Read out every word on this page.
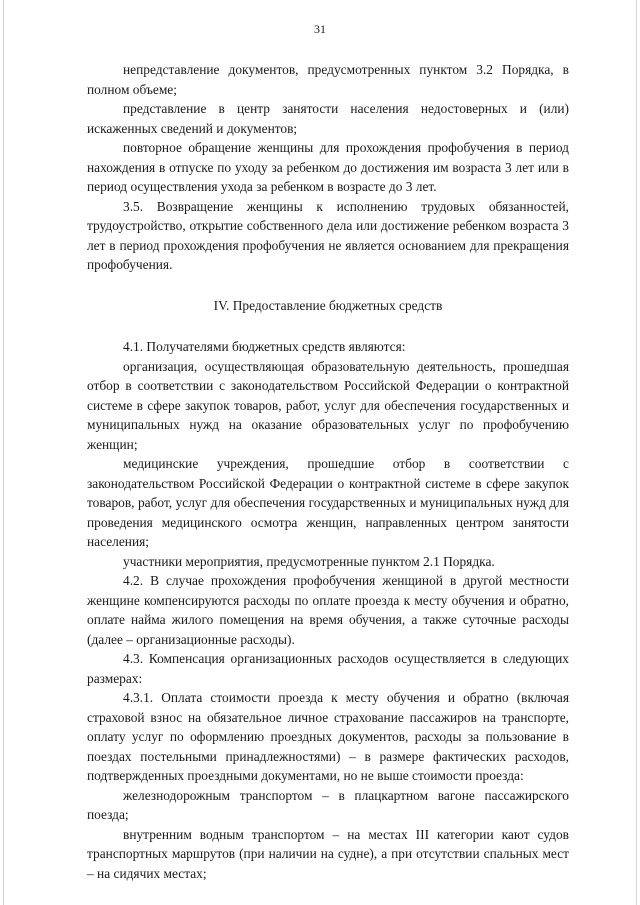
31

непредставление документов, предусмотренных пунктом 3.2 Порядка, в полном объеме;

представление в центр занятости населения недостоверных и (или) искаженных сведений и документов;

повторное обращение женщины для прохождения профобучения в период нахождения в отпуске по уходу за ребенком до достижения им возраста 3 лет или в период осуществления ухода за ребенком в возрасте до 3 лет.

3.5. Возвращение женщины к исполнению трудовых обязанностей, трудоустройство, открытие собственного дела или достижение ребенком возраста 3 лет в период прохождения профобучения не является основанием для прекращения профобучения.

IV. Предоставление бюджетных средств

4.1. Получателями бюджетных средств являются:

организация, осуществляющая образовательную деятельность, прошедшая отбор в соответствии с законодательством Российской Федерации о контрактной системе в сфере закупок товаров, работ, услуг для обеспечения государственных и муниципальных нужд на оказание образовательных услуг по профобучению женщин;

медицинские учреждения, прошедшие отбор в соответствии с законодательством Российской Федерации о контрактной системе в сфере закупок товаров, работ, услуг для обеспечения государственных и муниципальных нужд для проведения медицинского осмотра женщин, направленных центром занятости населения;

участники мероприятия, предусмотренные пунктом 2.1 Порядка.

4.2. В случае прохождения профобучения женщиной в другой местности женщине компенсируются расходы по оплате проезда к месту обучения и обратно, оплате найма жилого помещения на время обучения, а также суточные расходы (далее – организационные расходы).

4.3. Компенсация организационных расходов осуществляется в следующих размерах:

4.3.1. Оплата стоимости проезда к месту обучения и обратно (включая страховой взнос на обязательное личное страхование пассажиров на транспорте, оплату услуг по оформлению проездных документов, расходы за пользование в поездах постельными принадлежностями) – в размере фактических расходов, подтвержденных проездными документами, но не выше стоимости проезда:

железнодорожным транспортом – в плацкартном вагоне пассажирского поезда;

внутренним водным транспортом – на местах III категории кают судов транспортных маршрутов (при наличии на судне), а при отсутствии спальных мест – на сидячих местах;
